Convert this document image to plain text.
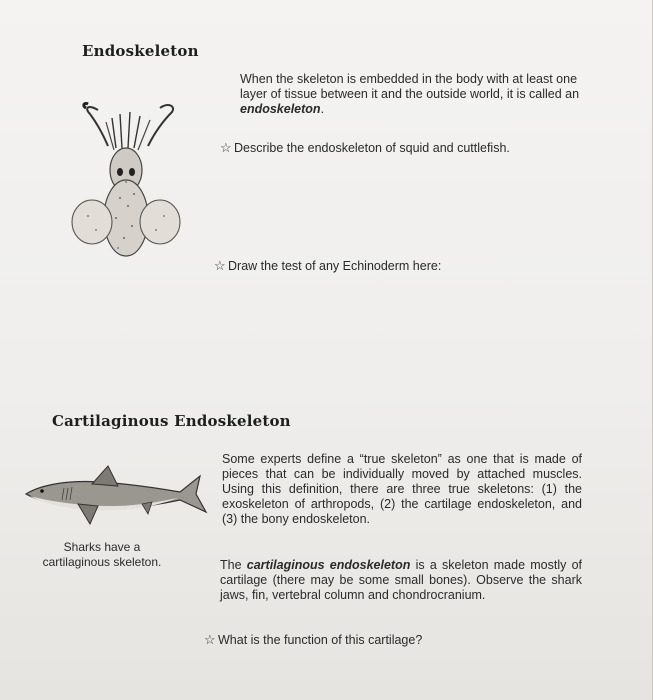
Endoskeleton
When the skeleton is embedded in the body with at least one layer of tissue between it and the outside world, it is called an endoskeleton.
☆ Describe the endoskeleton of squid and cuttlefish.
☆ Draw the test of any Echinoderm here:
Cartilaginous Endoskeleton
Some experts define a “true skeleton” as one that is made of pieces that can be individually moved by attached muscles. Using this definition, there are three true skeletons: (1) the exoskeleton of arthropods, (2) the cartilage endoskeleton, and (3) the bony endoskeleton.
Sharks have a
cartilaginous skeleton.	The cartilaginous endoskeleton is a skeleton made mostly of cartilage (there may be some small bones). Observe the shark jaws, fin, vertebral column and chondrocranium.
☆ What is the function of this cartilage?
